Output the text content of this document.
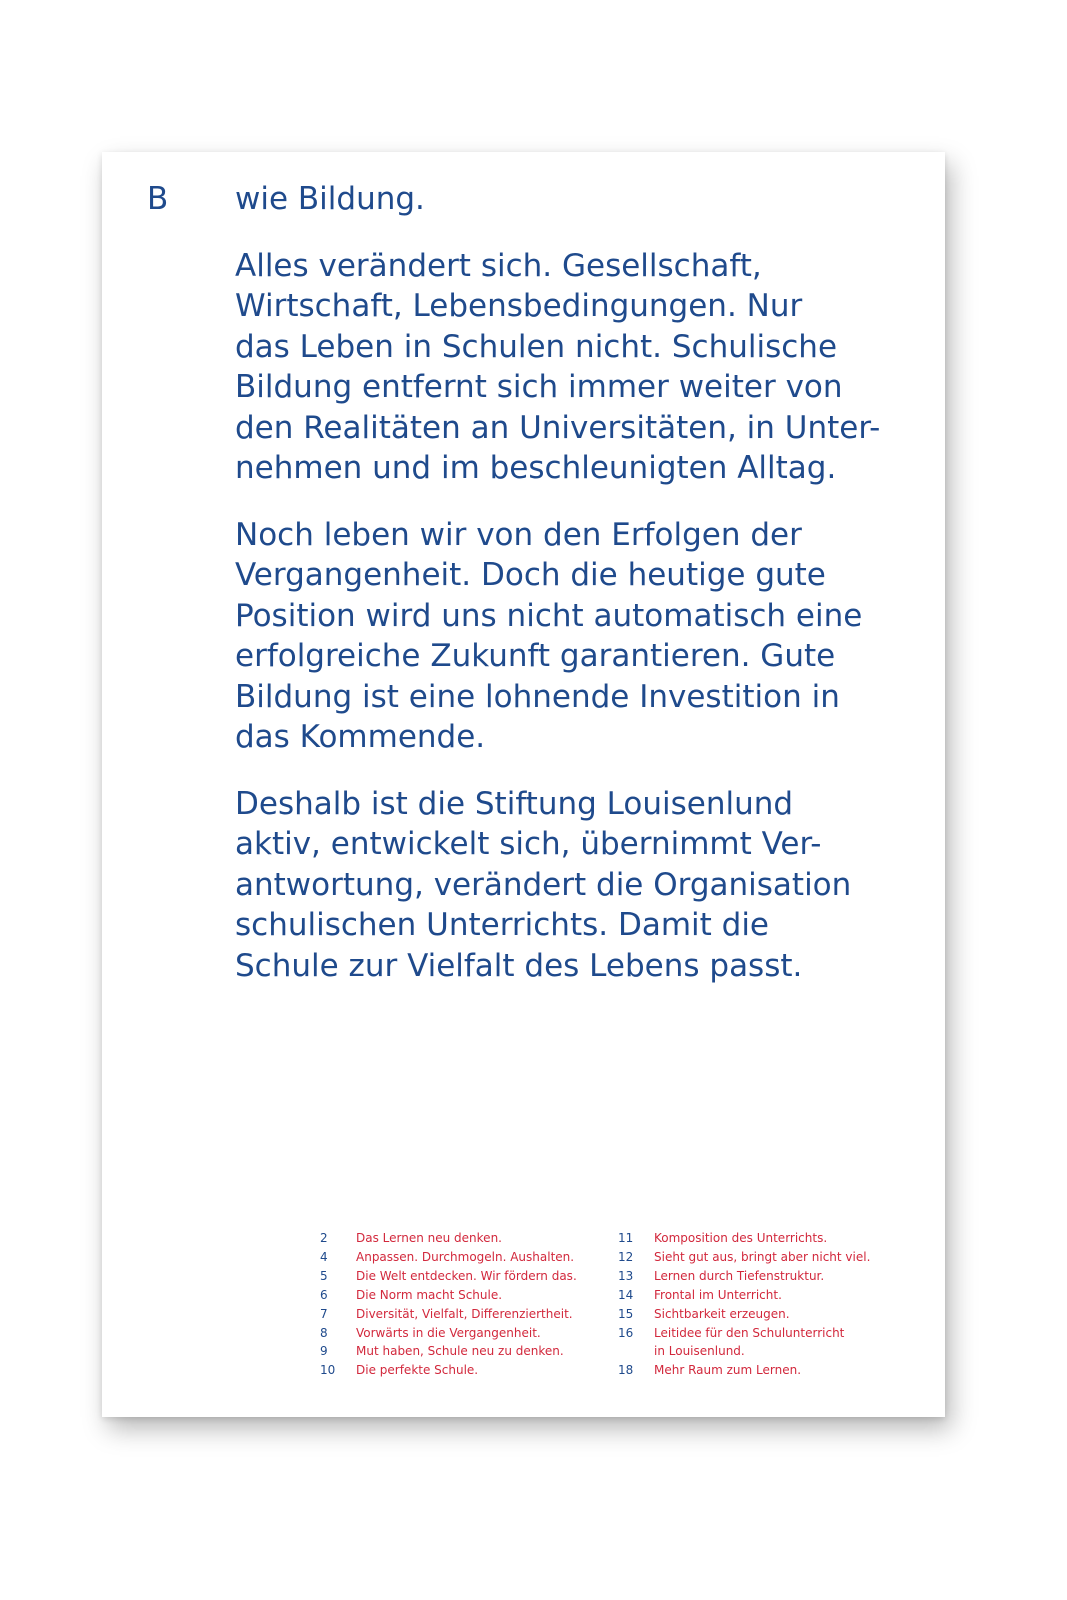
B wie Bildung.

Alles verändert sich. Gesellschaft,
Wirtschaft, Lebensbedingungen. Nur
das Leben in Schulen nicht. Schulische
Bildung entfernt sich immer weiter von
den Realitäten an Universitäten, in Unter-
nehmen und im beschleunigten Alltag.

Noch leben wir von den Erfolgen der
Vergangenheit. Doch die heutige gute
Position wird uns nicht automatisch eine
erfolgreiche Zukunft garantieren. Gute
Bildung ist eine lohnende Investition in
das Kommende.

Deshalb ist die Stiftung Louisenlund
aktiv, entwickelt sich, übernimmt Ver-
antwortung, verändert die Organisation
schulischen Unterrichts. Damit die
Schule zur Vielfalt des Lebens passt.

2	Das Lernen neu denken.
4	Anpassen. Durchmogeln. Aushalten.
5	Die Welt entdecken. Wir fördern das.
6	Die Norm macht Schule.
7	Diversität, Vielfalt, Differenziertheit.
8	Vorwärts in die Vergangenheit.
9	Mut haben, Schule neu zu denken.
10	Die perfekte Schule.
11	Komposition des Unterrichts.
12	Sieht gut aus, bringt aber nicht viel.
13	Lernen durch Tiefenstruktur.
14	Frontal im Unterricht.
15	Sichtbarkeit erzeugen.
16	Leitidee für den Schulunterricht
in Louisenlund.
18	Mehr Raum zum Lernen.
